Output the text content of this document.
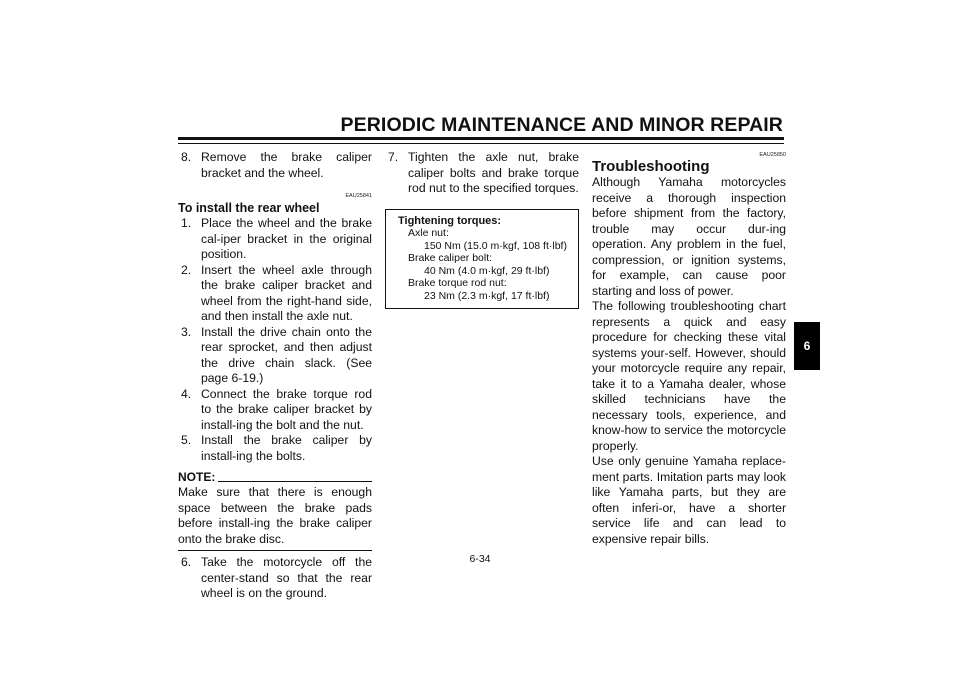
PERIODIC MAINTENANCE AND MINOR REPAIR
8. Remove the brake caliper bracket and the wheel.
EAU25841
To install the rear wheel
1. Place the wheel and the brake cal-iper bracket in the original position.
2. Insert the wheel axle through the brake caliper bracket and wheel from the right-hand side, and then install the axle nut.
3. Install the drive chain onto the rear sprocket, and then adjust the drive chain slack. (See page 6-19.)
4. Connect the brake torque rod to the brake caliper bracket by install-ing the bolt and the nut.
5. Install the brake caliper by install-ing the bolts.
NOTE:
Make sure that there is enough space between the brake pads before install-ing the brake caliper onto the brake disc.
6. Take the motorcycle off the center-stand so that the rear wheel is on the ground.
7. Tighten the axle nut, brake caliper bolts and brake torque rod nut to the specified torques.
Tightening torques:
Axle nut:
150 Nm (15.0 m·kgf, 108 ft·lbf)
Brake caliper bolt:
40 Nm (4.0 m·kgf, 29 ft·lbf)
Brake torque rod nut:
23 Nm (2.3 m·kgf, 17 ft·lbf)
EAU25850
Troubleshooting
Although Yamaha motorcycles receive a thorough inspection before shipment from the factory, trouble may occur dur-ing operation. Any problem in the fuel, compression, or ignition systems, for example, can cause poor starting and loss of power.
The following troubleshooting chart represents a quick and easy procedure for checking these vital systems your-self. However, should your motorcycle require any repair, take it to a Yamaha dealer, whose skilled technicians have the necessary tools, experience, and know-how to service the motorcycle properly.
Use only genuine Yamaha replace-ment parts. Imitation parts may look like Yamaha parts, but they are often inferi-or, have a shorter service life and can lead to expensive repair bills.
6-34
6
